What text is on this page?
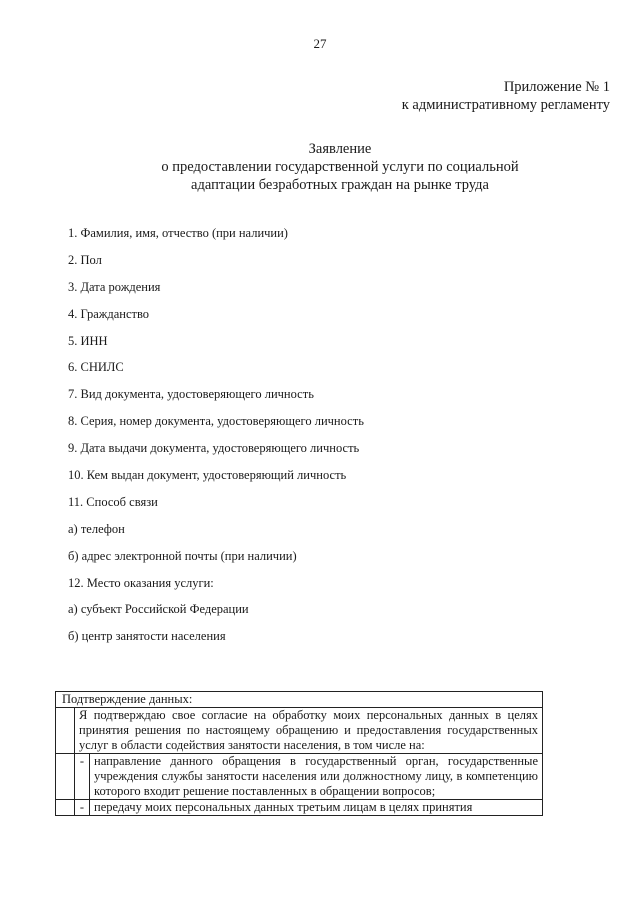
27
Приложение № 1
к административному регламенту
Заявление
о предоставлении государственной услуги по социальной
адаптации безработных граждан на рынке труда
1. Фамилия, имя, отчество (при наличии)
2. Пол
3. Дата рождения
4. Гражданство
5. ИНН
6. СНИЛС
7. Вид документа, удостоверяющего личность
8. Серия, номер документа, удостоверяющего личность
9. Дата выдачи документа, удостоверяющего личность
10. Кем выдан документ, удостоверяющий личность
11. Способ связи
а) телефон
б) адрес электронной почты (при наличии)
12. Место оказания услуги:
а) субъект Российской Федерации
б) центр занятости населения
Подтверждение данных:		
	Я подтверждаю свое согласие на обработку моих персональных данных в целях принятия решения по настоящему обращению и предоставления государственных услуг в области содействия занятости населения, в том числе на:	
	-	направление данного обращения в государственный орган, государственные учреждения службы занятости населения или должностному лицу, в компетенцию которого входит решение поставленных в обращении вопросов;
	-	передачу моих персональных данных третьим лицам в целях принятия
